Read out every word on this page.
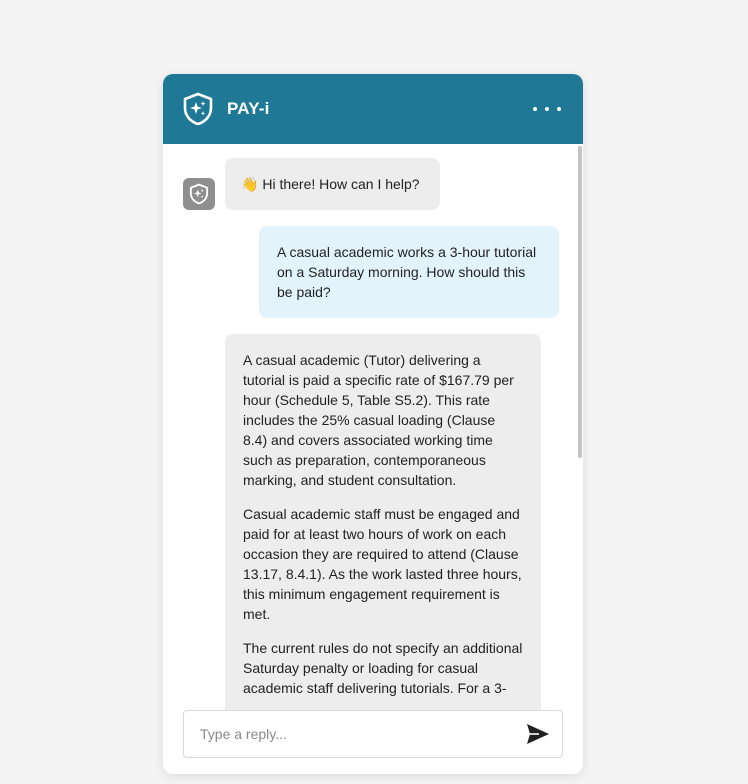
PAY-i
👋 Hi there! How can I help?
A casual academic works a 3-hour tutorial on a Saturday morning. How should this be paid?

A casual academic (Tutor) delivering a tutorial is paid a specific rate of $167.79 per hour (Schedule 5, Table S5.2). This rate includes the 25% casual loading (Clause 8.4) and covers associated working time such as preparation, contemporaneous marking, and student consultation.

Casual academic staff must be engaged and paid for at least two hours of work on each occasion they are required to attend (Clause 13.17, 8.4.1). As the work lasted three hours, this minimum engagement requirement is met.

The current rules do not specify an additional Saturday penalty or loading for casual academic staff delivering tutorials. For a 3-

Type a reply...
